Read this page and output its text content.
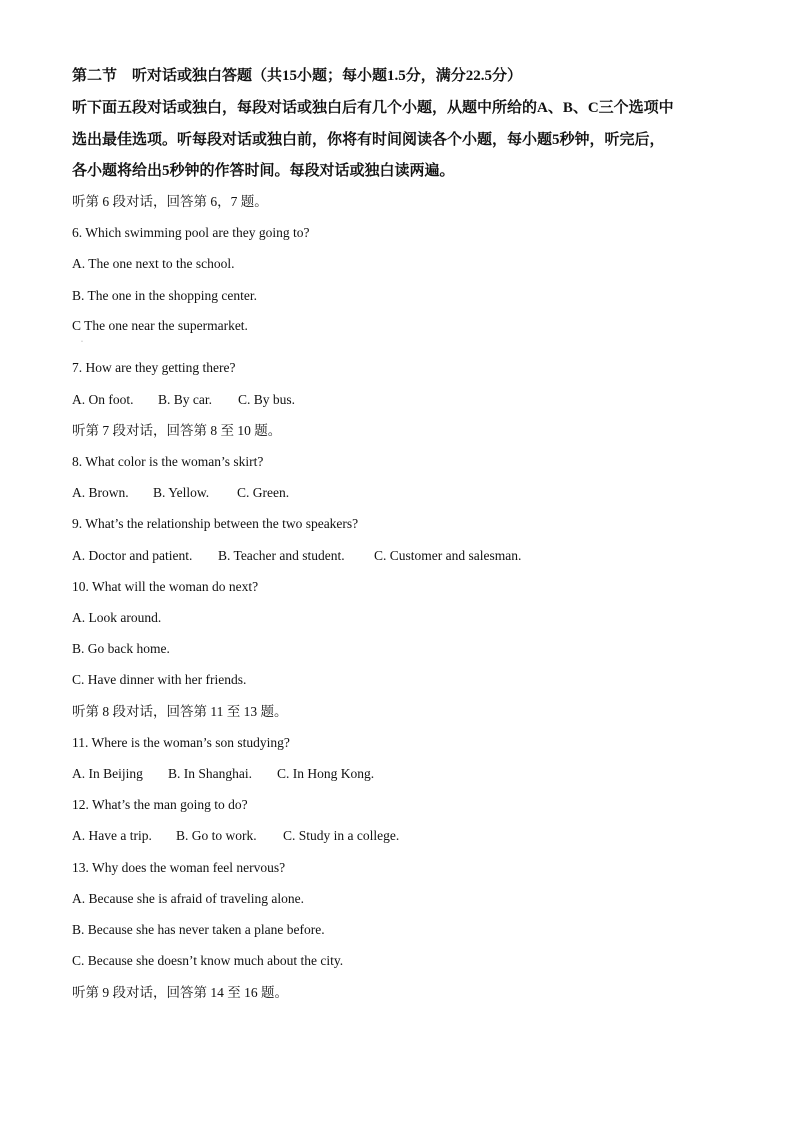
第二节　听对话或独白答题（共15小题；每小题1.5分，满分22.5分）
听下面五段对话或独白，每段对话或独白后有几个小题，从题中所给的A、B、C三个选项中
选出最佳选项。听每段对话或独白前，你将有时间阅读各个小题，每小题5秒钟，听完后，
各小题将给出5秒钟的作答时间。每段对话或独白读两遍。
听第 6 段对话，回答第 6，7 题。
6. Which swimming pool are they going to?
A. The one next to the school.
B. The one in the shopping center.
C The one near the supermarket.
·
7. How are they getting there?
A. On foot.	B. By car.	C. By bus.
听第 7 段对话，回答第 8 至 10 题。
8. What color is the woman’s skirt?
A. Brown.	B. Yellow.	C. Green.
9. What’s the relationship between the two speakers?
A. Doctor and patient.	B. Teacher and student.	C. Customer and salesman.
10. What will the woman do next?
A. Look around.
B. Go back home.
C. Have dinner with her friends.
听第 8 段对话，回答第 11 至 13 题。
11. Where is the woman’s son studying?
A. In Beijing	B. In Shanghai.	C. In Hong Kong.
12. What’s the man going to do?
A. Have a trip.	B. Go to work.	C. Study in a college.
13. Why does the woman feel nervous?
A. Because she is afraid of traveling alone.
B. Because she has never taken a plane before.
C. Because she doesn’t know much about the city.
听第 9 段对话，回答第 14 至 16 题。
